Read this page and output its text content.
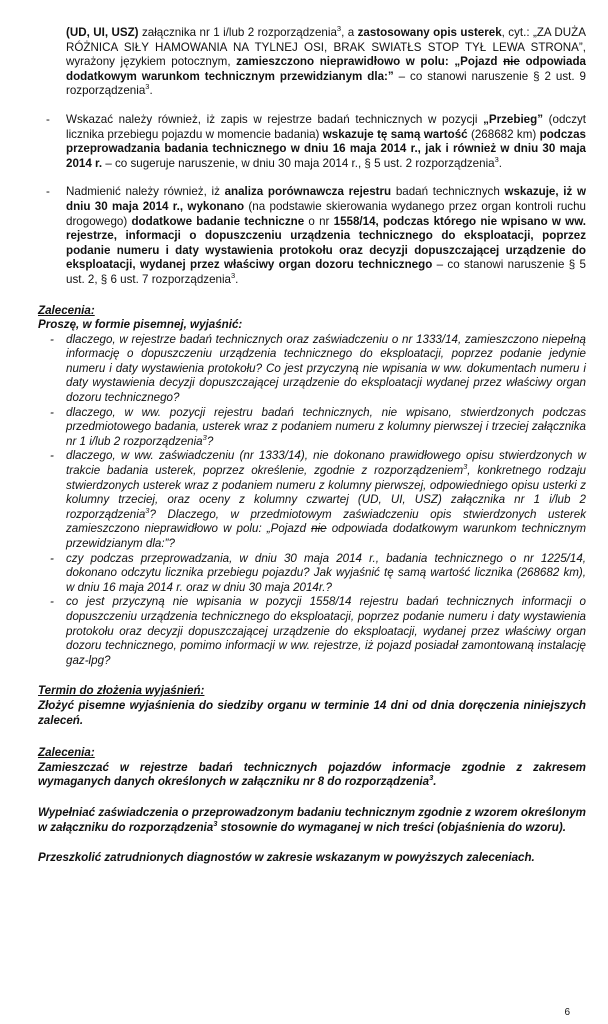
(UD, UI, USZ) załącznika nr 1 i/lub 2 rozporządzenia$^3$, a zastosowany opis usterek, cyt.: „ZA DUŻA RÓŻNICA SIŁY HAMOWANIA NA TYLNEJ OSI, BRAK SWIATŁS STOP TYŁ LEWA STRONA”, wyrażony językiem potocznym, zamieszczono nieprawidłowo w polu: „Pojazd nie odpowiada dodatkowym warunkom technicznym przewidzianym dla:” – co stanowi naruszenie § 2 ust. 9 rozporządzenia$^3$.

- Wskazać należy również, iż zapis w rejestrze badań technicznych w pozycji „Przebieg” (odczyt licznika przebiegu pojazdu w momencie badania) wskazuje tę samą wartość (268682 km) podczas przeprowadzania badania technicznego w dniu 16 maja 2014 r., jak i również w dniu 30 maja 2014 r. – co sugeruje naruszenie, w dniu 30 maja 2014 r., § 5 ust. 2 rozporządzenia$^3$.

- Nadmienić należy również, iż analiza porównawcza rejestru badań technicznych wskazuje, iż w dniu 30 maja 2014 r., wykonano (na podstawie skierowania wydanego przez organ kontroli ruchu drogowego) dodatkowe badanie techniczne o nr 1558/14, podczas którego nie wpisano w ww. rejestrze, informacji o dopuszczeniu urządzenia technicznego do eksploatacji, poprzez podanie numeru i daty wystawienia protokołu oraz decyzji dopuszczającej urządzenie do eksploatacji, wydanej przez właściwy organ dozoru technicznego – co stanowi naruszenie § 5 ust. 2, § 6 ust. 7 rozporządzenia$^3$.

Zalecenia:

Proszę, w formie pisemnej, wyjaśnić:

- dlaczego, w rejestrze badań technicznych oraz zaświadczeniu o nr 1333/14, zamieszczono niepełną informację o dopuszczeniu urządzenia technicznego do eksploatacji, poprzez podanie jedynie numeru i daty wystawienia protokołu? Co jest przyczyną nie wpisania w ww. dokumentach numeru i daty wystawienia decyzji dopuszczającej urządzenie do eksploatacji wydanej przez właściwy organ dozoru technicznego?

- dlaczego, w ww. pozycji rejestru badań technicznych, nie wpisano, stwierdzonych podczas przedmiotowego badania, usterek wraz z podaniem numeru z kolumny pierwszej i trzeciej załącznika nr 1 i/lub 2 rozporządzenia$^3$?

- dlaczego, w ww. zaświadczeniu (nr 1333/14), nie dokonano prawidłowego opisu stwierdzonych w trakcie badania usterek, poprzez określenie, zgodnie z rozporządzeniem$^3$, konkretnego rodzaju stwierdzonych usterek wraz z podaniem numeru z kolumny pierwszej, odpowiedniego opisu usterki z kolumny trzeciej, oraz oceny z kolumny czwartej (UD, UI, USZ) załącznika nr 1 i/lub 2 rozporządzenia$^3$? Dlaczego, w przedmiotowym zaświadczeniu opis stwierdzonych usterek zamieszczono nieprawidłowo w polu: „Pojazd nie odpowiada dodatkowym warunkom technicznym przewidzianym dla:”?

- czy podczas przeprowadzania, w dniu 30 maja 2014 r., badania technicznego o nr 1225/14, dokonano odczytu licznika przebiegu pojazdu? Jak wyjaśnić tę samą wartość licznika (268682 km), w dniu 16 maja 2014 r. oraz w dniu 30 maja 2014r.?

- co jest przyczyną nie wpisania w pozycji 1558/14 rejestru badań technicznych informacji o dopuszczeniu urządzenia technicznego do eksploatacji, poprzez podanie numeru i daty wystawienia protokołu oraz decyzji dopuszczającej urządzenie do eksploatacji, wydanej przez właściwy organ dozoru technicznego, pomimo informacji w ww. rejestrze, iż pojazd posiadał zamontowaną instalację gaz-lpg?

Termin do złożenia wyjaśnień:

Złożyć pisemne wyjaśnienia do siedziby organu w terminie 14 dni od dnia doręczenia niniejszych zaleceń.

Zalecenia:

Zamieszczać w rejestrze badań technicznych pojazdów informacje zgodnie z zakresem wymaganych danych określonych w załączniku nr 8 do rozporządzenia$^3$.

Wypełniać zaświadczenia o przeprowadzonym badaniu technicznym zgodnie z wzorem określonym w załączniku do rozporządzenia$^3$ stosownie do wymaganej w nich treści (objaśnienia do wzoru).

Przeszkolić zatrudnionych diagnostów w zakresie wskazanym w powyższych zaleceniach.

6
